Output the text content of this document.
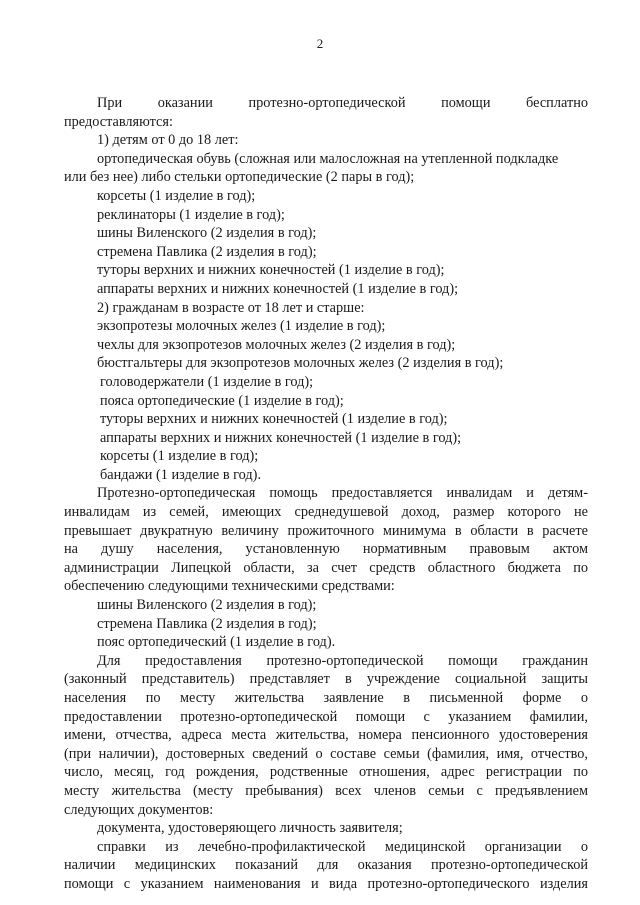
2

При оказании протезно-ортопедической помощи бесплатно

предоставляются:

1) детям от 0 до 18 лет:

ортопедическая обувь (сложная или малосложная на утепленной подкладке

или без нее) либо стельки ортопедические (2 пары в год);

корсеты (1 изделие в год);

реклинаторы (1 изделие в год);

шины Виленского (2 изделия в год);

стремена Павлика (2 изделия в год);

туторы верхних и нижних конечностей (1 изделие в год);

аппараты верхних и нижних конечностей (1 изделие в год);

2) гражданам в возрасте от 18 лет и старше:

экзопротезы молочных желез (1 изделие в год);

чехлы для экзопротезов молочных желез (2 изделия в год);

бюстгальтеры для экзопротезов молочных желез (2 изделия в год);

головодержатели (1 изделие в год);

пояса ортопедические (1 изделие в год);

туторы верхних и нижних конечностей (1 изделие в год);

аппараты верхних и нижних конечностей (1 изделие в год);

корсеты (1 изделие в год);

бандажи (1 изделие в год).

Протезно-ортопедическая помощь предоставляется инвалидам и детям-

инвалидам из семей, имеющих среднедушевой доход, размер которого не

превышает двукратную величину прожиточного минимума в области в расчете

на душу населения, установленную нормативным правовым актом

администрации Липецкой области, за счет средств областного бюджета по

обеспечению следующими техническими средствами:

шины Виленского (2 изделия в год);

стремена Павлика (2 изделия в год);

пояс ортопедический (1 изделие в год).

Для предоставления протезно-ортопедической помощи гражданин

(законный представитель) представляет в учреждение социальной защиты

населения по месту жительства заявление в письменной форме о

предоставлении протезно-ортопедической помощи с указанием фамилии,

имени, отчества, адреса места жительства, номера пенсионного удостоверения

(при наличии), достоверных сведений о составе семьи (фамилия, имя, отчество,

число, месяц, год рождения, родственные отношения, адрес регистрации по

месту жительства (месту пребывания) всех членов семьи с предъявлением

следующих документов:

документа, удостоверяющего личность заявителя;

справки из лечебно-профилактической медицинской организации о

наличии медицинских показаний для оказания протезно-ортопедической

помощи с указанием наименования и вида протезно-ортопедического изделия
